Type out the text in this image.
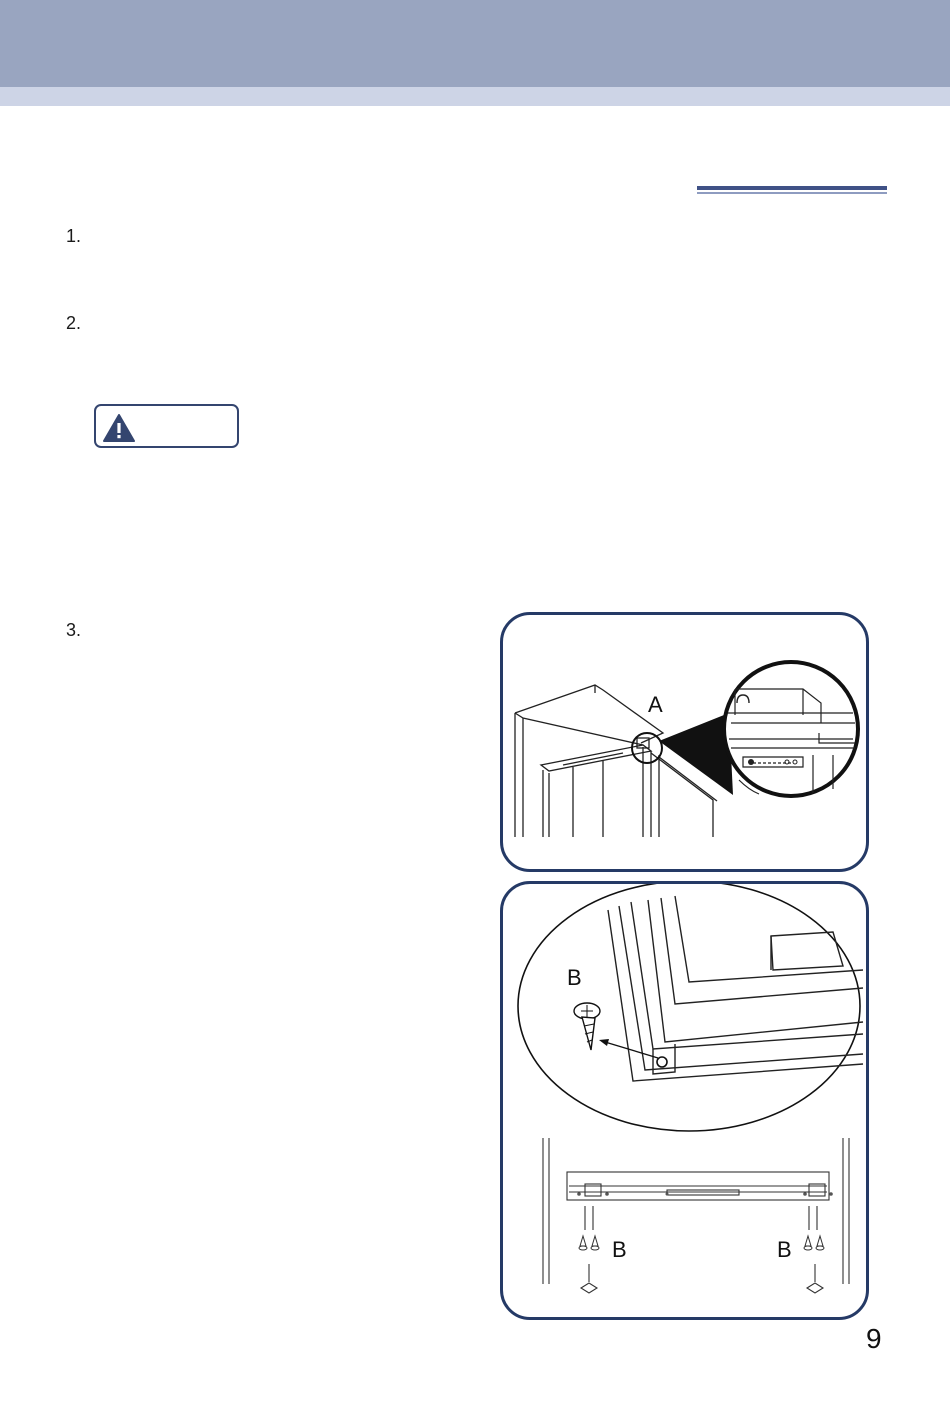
1.
2.
3.
A
B
B	B
9
